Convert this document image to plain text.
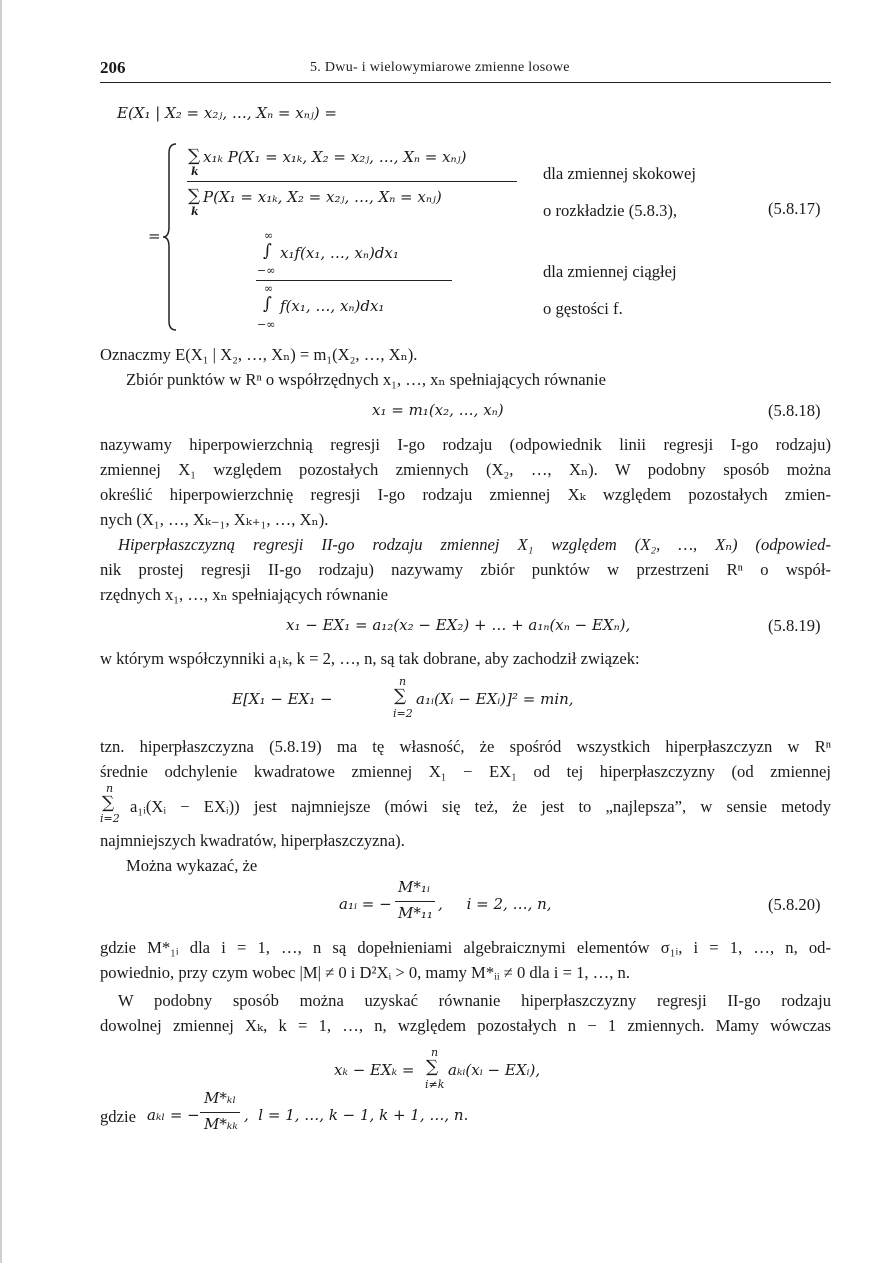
206	5. Dwu- i wielowymiarowe zmienne losowe
E(X₁ | X₂ = x₂ⱼ, …, Xₙ = xₙⱼ) =
=
∑
k
x₁ₖ P(X₁ = x₁ₖ, X₂ = x₂ⱼ, …, Xₙ = xₙⱼ)
∑
k
P(X₁ = x₁ₖ, X₂ = x₂ⱼ, …, Xₙ = xₙⱼ)
dla zmiennej skokowej
o rozkładzie (5.8.3),	(5.8.17)
∞
∫ x₁f(x₁, …, xₙ)dx₁
−∞
∞
∫ f(x₁, …, xₙ)dx₁
−∞
dla zmiennej ciągłej
o gęstości f.
Oznaczmy E(X₁ | X₂, …, Xₙ) = m₁(X₂, …, Xₙ).
Zbiór punktów w Rⁿ o współrzędnych x₁, …, xₙ spełniających równanie
x₁ = m₁(x₂, …, xₙ)	(5.8.18)
nazywamy hiperpowierzchnią regresji I-go rodzaju (odpowiednik linii regresji I-go rodzaju)
zmiennej X₁ względem pozostałych zmiennych (X₂, …, Xₙ). W podobny sposób można
określić hiperpowierzchnię regresji I-go rodzaju zmiennej Xₖ względem pozostałych zmien-
nych (X₁, …, Xₖ₋₁, Xₖ₊₁, …, Xₙ).
Hiperpłaszczyzną regresji II-go rodzaju zmiennej X₁ względem (X₂, …, Xₙ) (odpowied-
nik prostej regresji II-go rodzaju) nazywamy zbiór punktów w przestrzeni Rⁿ o współ-
rzędnych x₁, …, xₙ spełniających równanie
x₁ − EX₁ = a₁₂(x₂ − EX₂) + … + a₁ₙ(xₙ − EXₙ),	(5.8.19)
w którym współczynniki a₁ₖ, k = 2, …, n, są tak dobrane, aby zachodził związek:
E[X₁ − EX₁ −
n
∑
i=2
a₁ᵢ(Xᵢ − EXᵢ)]² = min,
tzn. hiperpłaszczyzna (5.8.19) ma tę własność, że spośród wszystkich hiperpłaszczyzn w Rⁿ
średnie odchylenie kwadratowe zmiennej X₁ − EX₁ od tej hiperpłaszczyzny (od zmiennej
n
∑
i=2
a₁ᵢ(Xᵢ − EXᵢ)) jest najmniejsze (mówi się też, że jest to „najlepsza”, w sensie metody
najmniejszych kwadratów, hiperpłaszczyzna).
Można wykazać, że
a₁ᵢ = −
M*₁ᵢ
M*₁₁ ,     i = 2, …, n,	(5.8.20)
gdzie M*₁ᵢ dla i = 1, …, n są dopełnieniami algebraicznymi elementów σ₁ᵢ, i = 1, …, n, od-
powiednio, przy czym wobec |M| ≠ 0 i D²Xᵢ > 0, mamy M*ᵢᵢ ≠ 0 dla i = 1, …, n.
W podobny sposób można uzyskać równanie hiperpłaszczyzny regresji II-go rodzaju
dowolnej zmiennej Xₖ, k = 1, …, n, względem pozostałych n − 1 zmiennych. Mamy wówczas
xₖ − EXₖ =
n
∑
i≠k
aₖᵢ(xᵢ − EXᵢ),
gdzie aₖₗ = −
M*ₖₗ
M*ₖₖ ,  l = 1, …, k − 1, k + 1, …, n.
